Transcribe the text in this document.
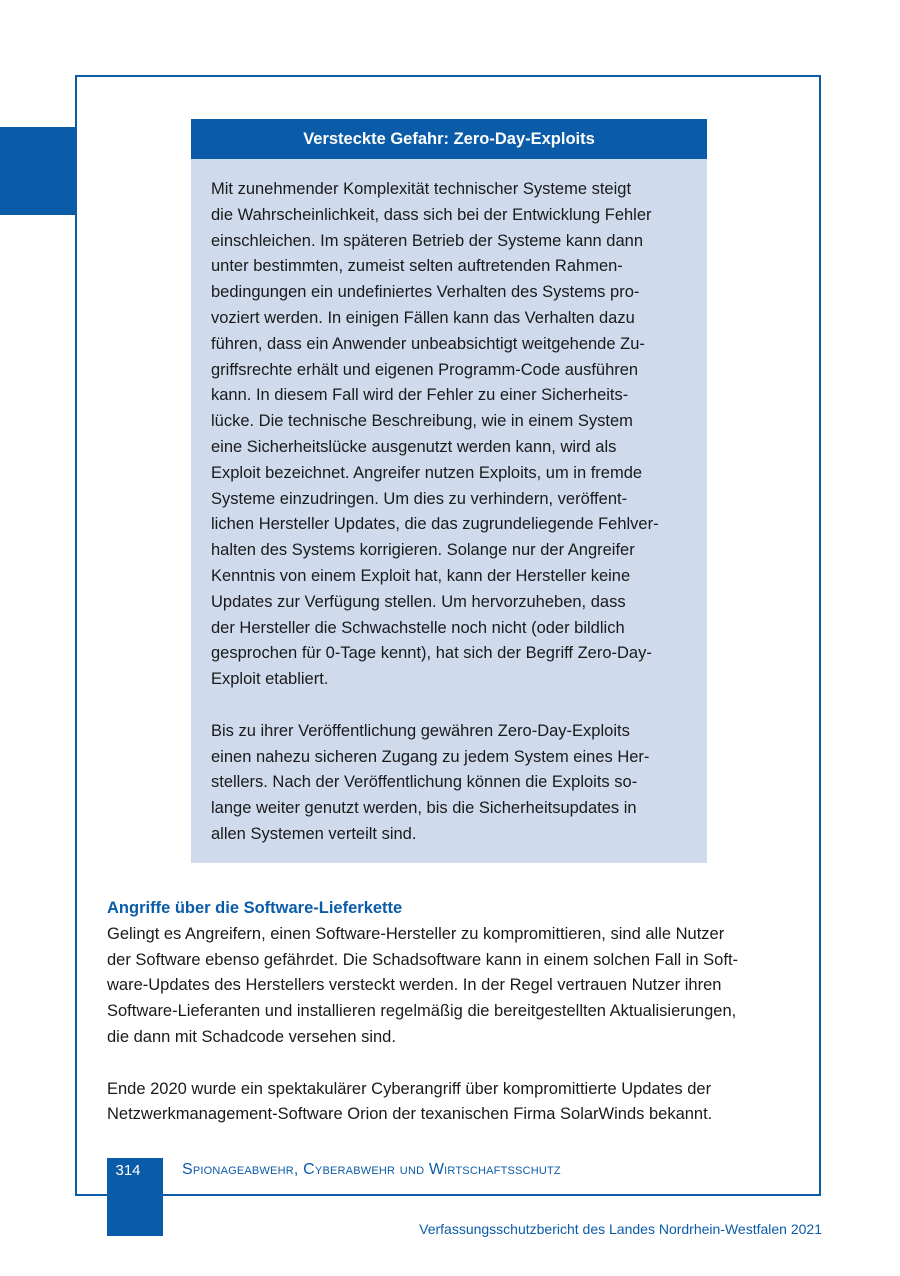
Versteckte Gefahr: Zero-Day-Exploits

Mit zunehmender Komplexität technischer Systeme steigt
die Wahrscheinlichkeit, dass sich bei der Entwicklung Fehler
einschleichen. Im späteren Betrieb der Systeme kann dann
unter bestimmten, zumeist selten auftretenden Rahmen-
bedingungen ein undefiniertes Verhalten des Systems pro-
voziert werden. In einigen Fällen kann das Verhalten dazu
führen, dass ein Anwender unbeabsichtigt weitgehende Zu-
griffsrechte erhält und eigenen Programm-Code ausführen
kann. In diesem Fall wird der Fehler zu einer Sicherheits-
lücke. Die technische Beschreibung, wie in einem System
eine Sicherheitslücke ausgenutzt werden kann, wird als
Exploit bezeichnet. Angreifer nutzen Exploits, um in fremde
Systeme einzudringen. Um dies zu verhindern, veröffent-
lichen Hersteller Updates, die das zugrundeliegende Fehlver-
halten des Systems korrigieren. Solange nur der Angreifer
Kenntnis von einem Exploit hat, kann der Hersteller keine
Updates zur Verfügung stellen. Um hervorzuheben, dass
der Hersteller die Schwachstelle noch nicht (oder bildlich
gesprochen für 0-Tage kennt), hat sich der Begriff Zero-Day-
Exploit etabliert.

Bis zu ihrer Veröffentlichung gewähren Zero-Day-Exploits
einen nahezu sicheren Zugang zu jedem System eines Her-
stellers. Nach der Veröffentlichung können die Exploits so-
lange weiter genutzt werden, bis die Sicherheitsupdates in
allen Systemen verteilt sind.

Angriffe über die Software-Lieferkette

Gelingt es Angreifern, einen Software-Hersteller zu kompromittieren, sind alle Nutzer
der Software ebenso gefährdet. Die Schadsoftware kann in einem solchen Fall in Soft-
ware-Updates des Herstellers versteckt werden. In der Regel vertrauen Nutzer ihren
Software-Lieferanten und installieren regelmäßig die bereitgestellten Aktualisierungen,
die dann mit Schadcode versehen sind.

Ende 2020 wurde ein spektakulärer Cyberangriff über kompromittierte Updates der
Netzwerkmanagement-Software Orion der texanischen Firma SolarWinds bekannt.

314	Spionageabwehr, Cyberabwehr und Wirtschaftsschutz
Verfassungsschutzbericht des Landes Nordrhein-Westfalen 2021
